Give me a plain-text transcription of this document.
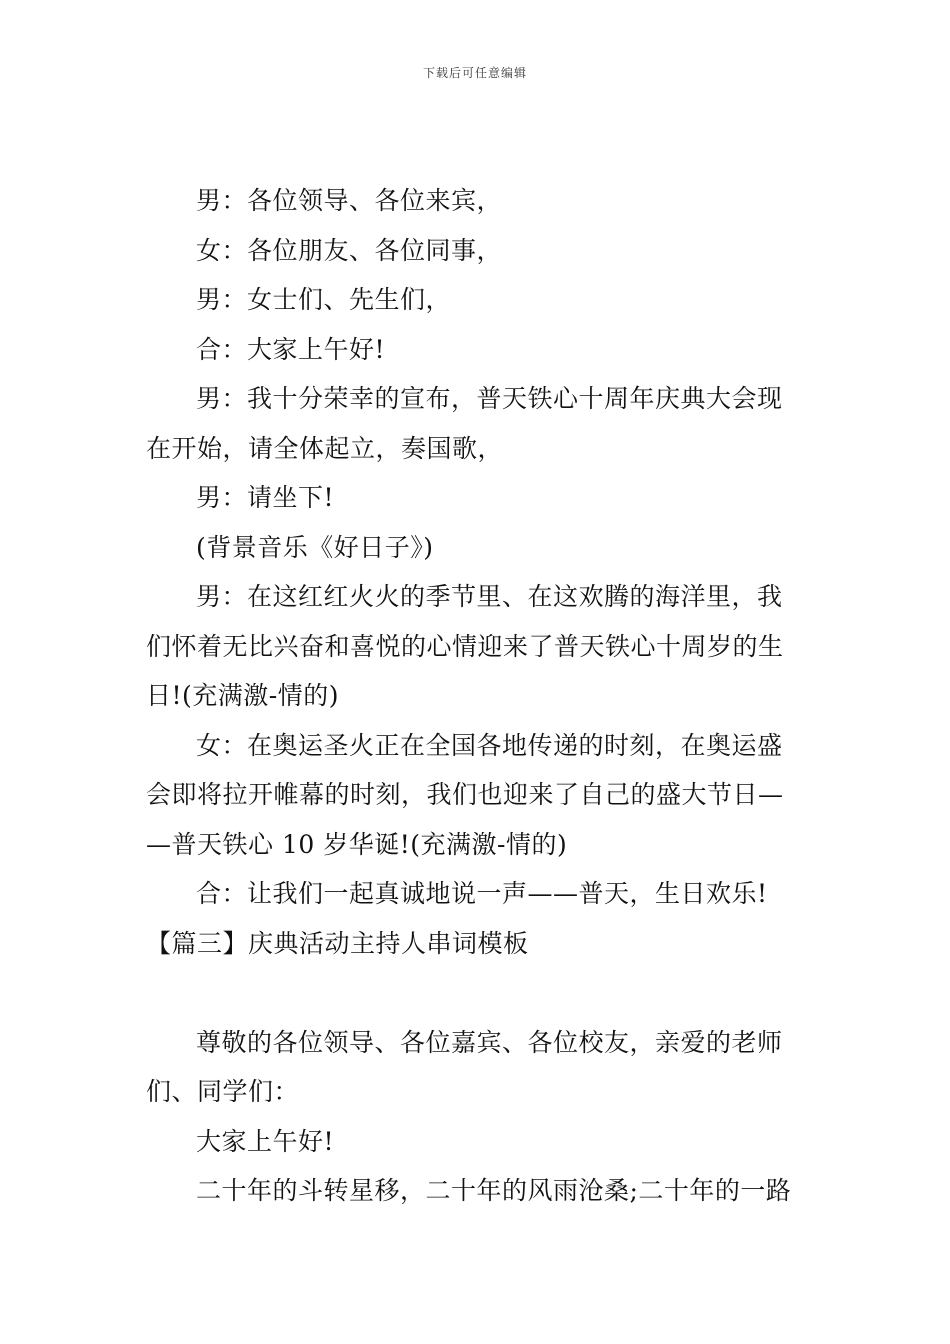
下载后可任意编辑
男：各位领导、各位来宾，
女：各位朋友、各位同事，
男：女士们、先生们，
合：大家上午好!
男：我十分荣幸的宣布，普天铁心十周年庆典大会现
在开始，请全体起立，奏国歌，
男：请坐下!
(背景音乐《好日子》)
男：在这红红火火的季节里、在这欢腾的海洋里，我
们怀着无比兴奋和喜悦的心情迎来了普天铁心十周岁的生
日!(充满激-情的)
女：在奥运圣火正在全国各地传递的时刻，在奥运盛
会即将拉开帷幕的时刻，我们也迎来了自己的盛大节日—
—普天铁心 10 岁华诞!(充满激-情的)
合：让我们一起真诚地说一声——普天，生日欢乐!
【篇三】庆典活动主持人串词模板
尊敬的各位领导、各位嘉宾、各位校友，亲爱的老师
们、同学们：
大家上午好!
二十年的斗转星移，二十年的风雨沧桑;二十年的一路
